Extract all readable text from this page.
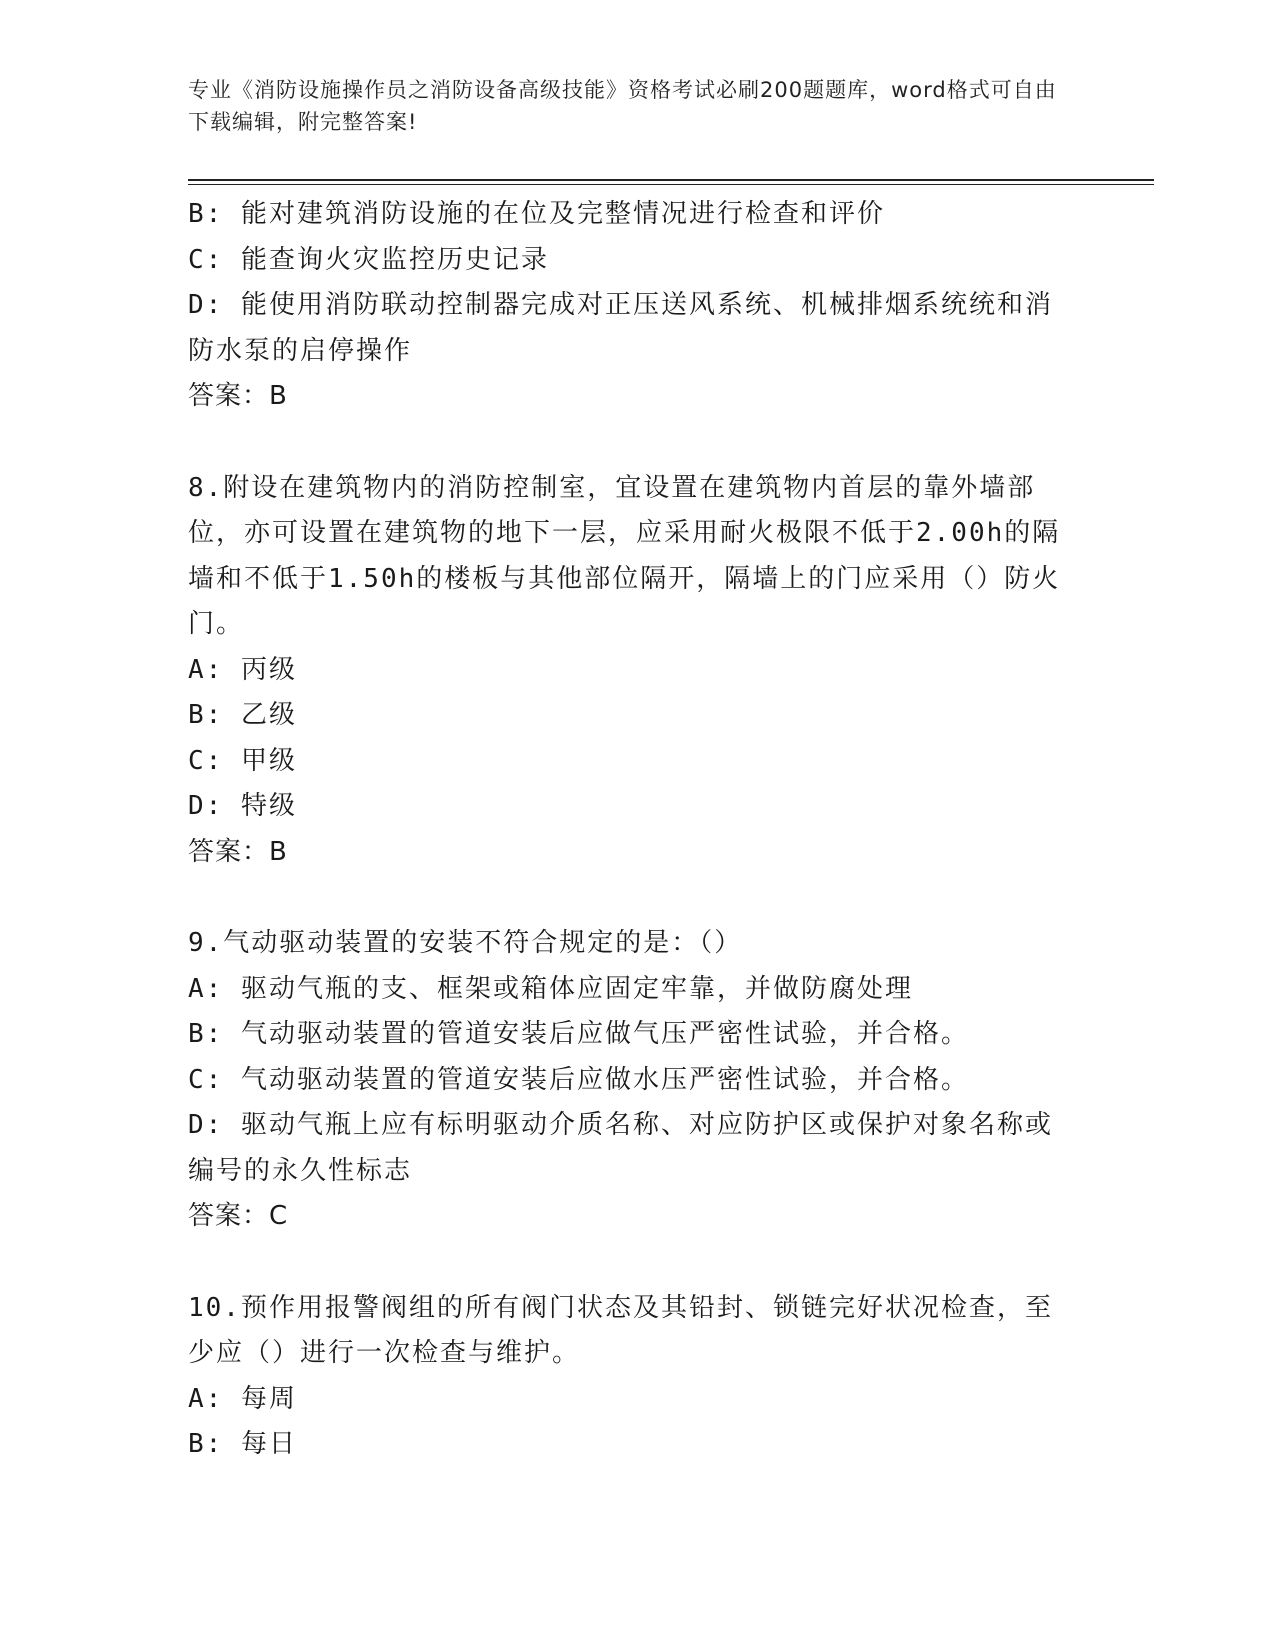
专业《消防设施操作员之消防设备高级技能》资格考试必刷200题题库，word格式可自由下载编辑，附完整答案!
B: 能对建筑消防设施的在位及完整情况进行检查和评价
C: 能查询火灾监控历史记录
D: 能使用消防联动控制器完成对正压送风系统、机械排烟系统统和消防水泵的启停操作
答案：B
8.附设在建筑物内的消防控制室，宜设置在建筑物内首层的靠外墙部位，亦可设置在建筑物的地下一层，应采用耐火极限不低于2.00h的隔墙和不低于1.50h的楼板与其他部位隔开，隔墙上的门应采用（）防火门。
A: 丙级
B: 乙级
C: 甲级
D: 特级
答案：B
9.气动驱动装置的安装不符合规定的是：（）
A: 驱动气瓶的支、框架或箱体应固定牢靠，并做防腐处理
B: 气动驱动装置的管道安装后应做气压严密性试验，并合格。
C: 气动驱动装置的管道安装后应做水压严密性试验，并合格。
D: 驱动气瓶上应有标明驱动介质名称、对应防护区或保护对象名称或编号的永久性标志
答案：C
10.预作用报警阀组的所有阀门状态及其铅封、锁链完好状况检查，至少应（）进行一次检查与维护。
A: 每周
B: 每日
